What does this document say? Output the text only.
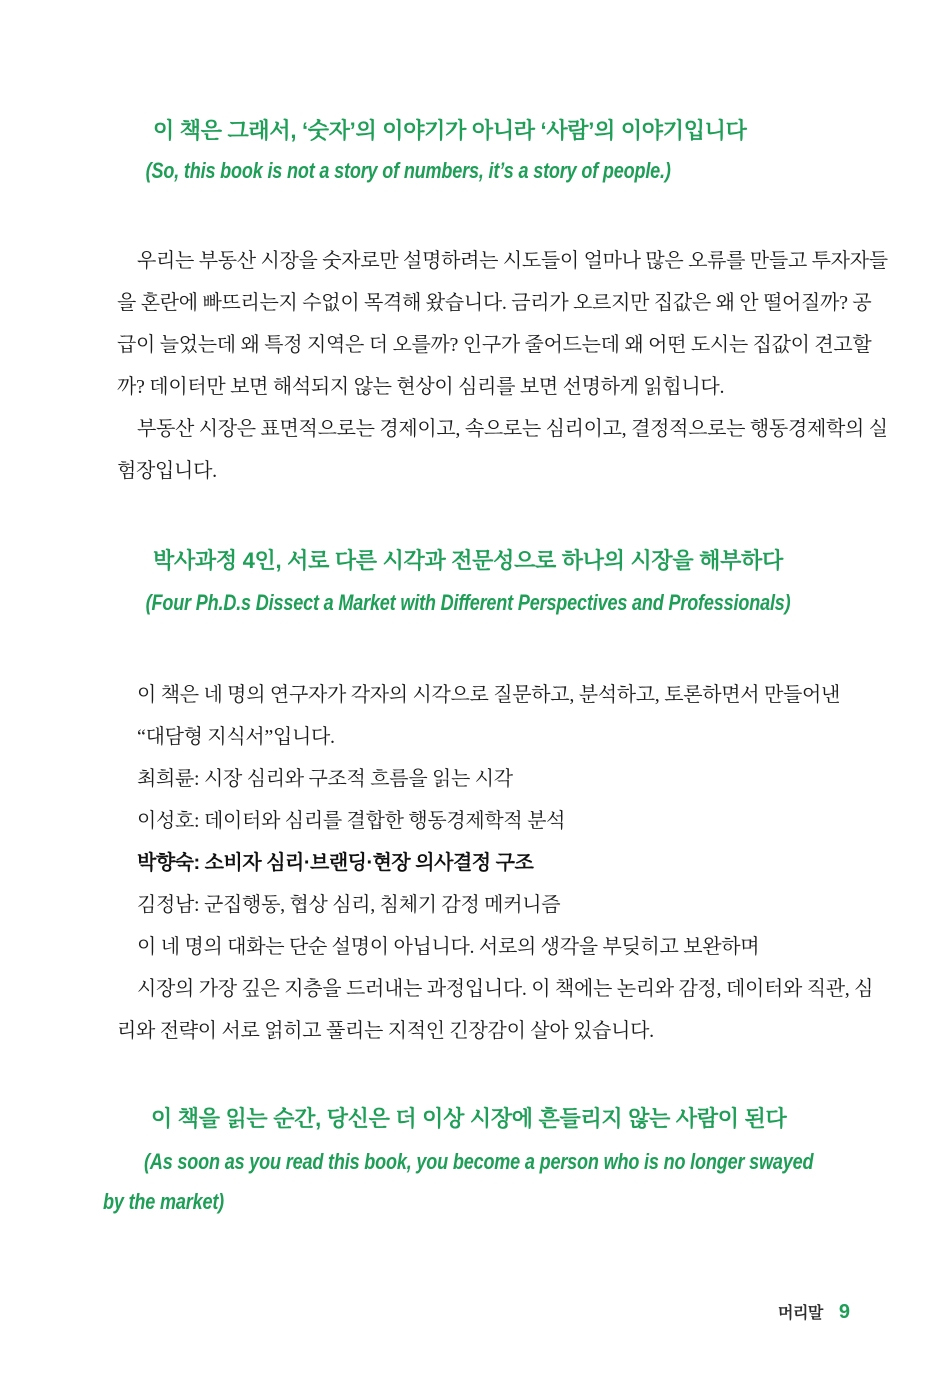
이 책은 그래서, ‘숫자’의 이야기가 아니라 ‘사람’의 이야기입니다

(So, this book is not a story of numbers, it’s a story of people.)

우리는 부동산 시장을 숫자로만 설명하려는 시도들이 얼마나 많은 오류를 만들고 투자자들

을 혼란에 빠뜨리는지 수없이 목격해 왔습니다. 금리가 오르지만 집값은 왜 안 떨어질까? 공

급이 늘었는데 왜 특정 지역은 더 오를까? 인구가 줄어드는데 왜 어떤 도시는 집값이 견고할

까? 데이터만 보면 해석되지 않는 현상이 심리를 보면 선명하게 읽힙니다.

부동산 시장은 표면적으로는 경제이고, 속으로는 심리이고, 결정적으로는 행동경제학의 실

험장입니다.

박사과정 4인, 서로 다른 시각과 전문성으로 하나의 시장을 해부하다

(Four Ph.D.s Dissect a Market with Different Perspectives and Professionals)

이 책은 네 명의 연구자가 각자의 시각으로 질문하고, 분석하고, 토론하면서 만들어낸

“대담형 지식서”입니다.

최희륜: 시장 심리와 구조적 흐름을 읽는 시각

이성호: 데이터와 심리를 결합한 행동경제학적 분석

박향숙: 소비자 심리·브랜딩·현장 의사결정 구조

김정남: 군집행동, 협상 심리, 침체기 감정 메커니즘

이 네 명의 대화는 단순 설명이 아닙니다. 서로의 생각을 부딪히고 보완하며

시장의 가장 깊은 지층을 드러내는 과정입니다. 이 책에는 논리와 감정, 데이터와 직관, 심

리와 전략이 서로 얽히고 풀리는 지적인 긴장감이 살아 있습니다.

이 책을 읽는 순간, 당신은 더 이상 시장에 흔들리지 않는 사람이 된다

(As soon as you read this book, you become a person who is no longer swayed

by the market)

머리말 9
